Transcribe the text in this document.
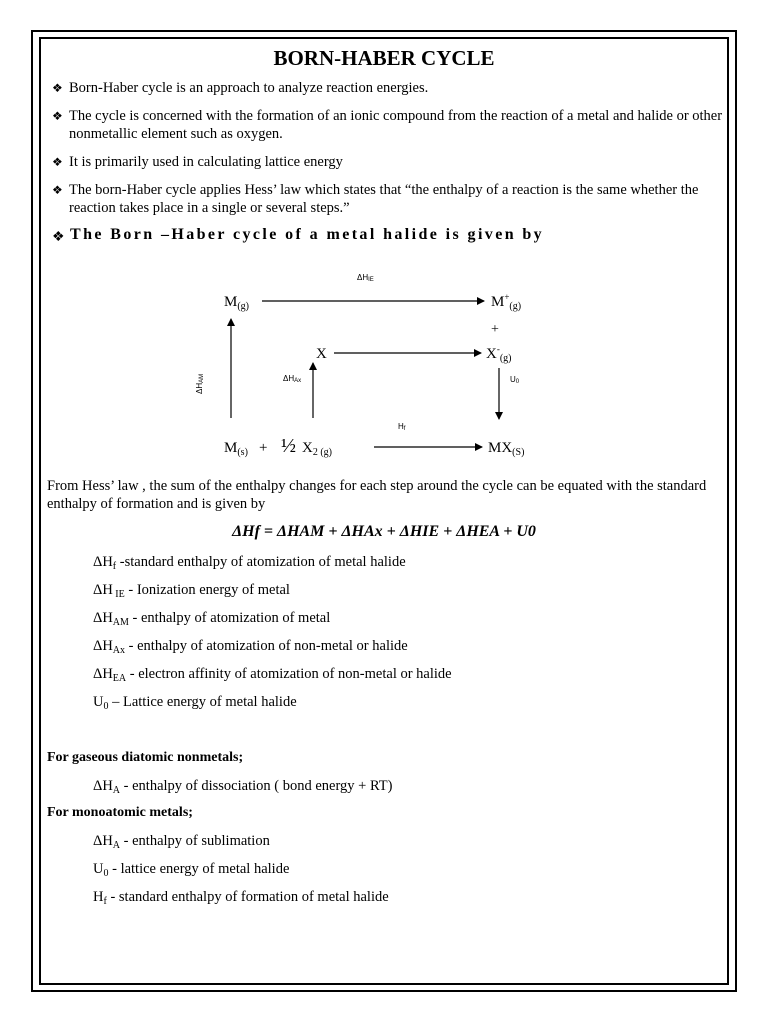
BORN-HABER CYCLE
❖ Born-Haber cycle is an approach to analyze reaction energies.
❖ The cycle is concerned with the formation of an ionic compound from the reaction of a metal and halide or other nonmetallic element such as oxygen.
❖ It is primarily used in calculating lattice energy
❖ The born-Haber cycle applies Hess’ law which states that “the enthalpy of a reaction is the same whether the reaction takes place in a single or several steps.”
❖ The Born –Haber cycle of a metal halide is given by
$M_{(g)}$	$M^+_{(g)}$
+
X	$X^-_{(g)}$
$M_{(s)}$ + ½ $X_{2 (g)}$	$MX_{(S)}$
ΔHIE
ΔHAM	ΔHAx	U0
Hf
From Hess’ law , the sum of the enthalpy changes for each step around the cycle can be equated with the standard enthalpy of formation and is given by
ΔHf = ΔHAM + ΔHAx + ΔHIE + ΔHEA + U0
$\Delta H_f$ -standard enthalpy of atomization of metal halide
ΔH $_{IE}$ - Ionization energy of metal
$\Delta H_{AM}$ - enthalpy of atomization of metal
$\Delta H_{Ax}$ - enthalpy of atomization of non-metal or halide
$\Delta H_{EA}$ - electron affinity of atomization of non-metal or halide
$U_0$ – Lattice energy of metal halide
For gaseous diatomic nonmetals;
$\Delta H_A$ - enthalpy of dissociation ( bond energy + RT)
For monoatomic metals;
$\Delta H_A$ - enthalpy of sublimation
$U_0$ - lattice energy of metal halide
$H_f$ - standard enthalpy of formation of metal halide
